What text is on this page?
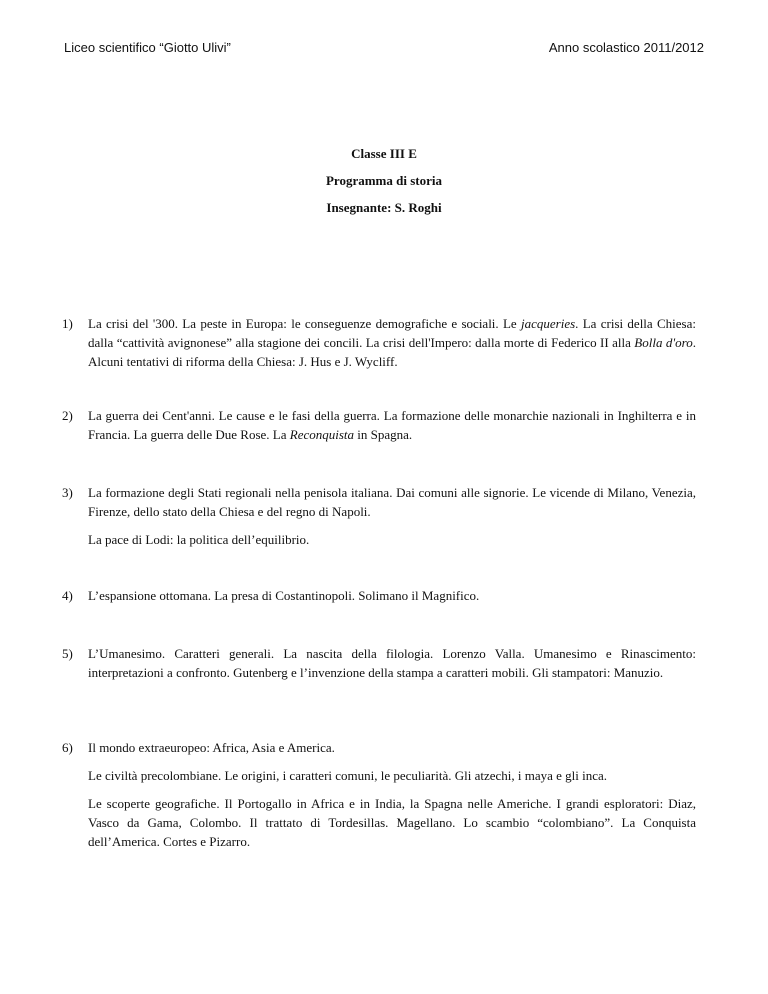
Liceo scientifico “Giotto Ulivi”	Anno scolastico 2011/2012
Classe III E
Programma di storia
Insegnante: S. Roghi
1) La crisi del '300. La peste in Europa: le conseguenze demografiche e sociali. Le jacqueries. La crisi della Chiesa: dalla “cattività avignonese” alla stagione dei concili. La crisi dell'Impero: dalla morte di Federico II alla Bolla d'oro. Alcuni tentativi di riforma della Chiesa: J. Hus e J. Wycliff.

2) La guerra dei Cent'anni. Le cause e le fasi della guerra. La formazione delle monarchie nazionali in Inghilterra e in Francia. La guerra delle Due Rose. La Reconquista in Spagna.

3) La formazione degli Stati regionali nella penisola italiana. Dai comuni alle signorie. Le vicende di Milano, Venezia, Firenze, dello stato della Chiesa e del regno di Napoli.

La pace di Lodi: la politica dell’equilibrio.

4) L’espansione ottomana. La presa di Costantinopoli. Solimano il Magnifico.

5) L’Umanesimo. Caratteri generali. La nascita della filologia. Lorenzo Valla. Umanesimo e Rinascimento: interpretazioni a confronto. Gutenberg e l’invenzione della stampa a caratteri mobili. Gli stampatori: Manuzio.

6) Il mondo extraeuropeo: Africa, Asia e America.

Le civiltà precolombiane. Le origini, i caratteri comuni, le peculiarità. Gli atzechi, i maya e gli inca.

Le scoperte geografiche. Il Portogallo in Africa e in India, la Spagna nelle Americhe. I grandi esploratori: Diaz, Vasco da Gama, Colombo. Il trattato di Tordesillas. Magellano. Lo scambio “colombiano”. La Conquista dell’America. Cortes e Pizarro.
